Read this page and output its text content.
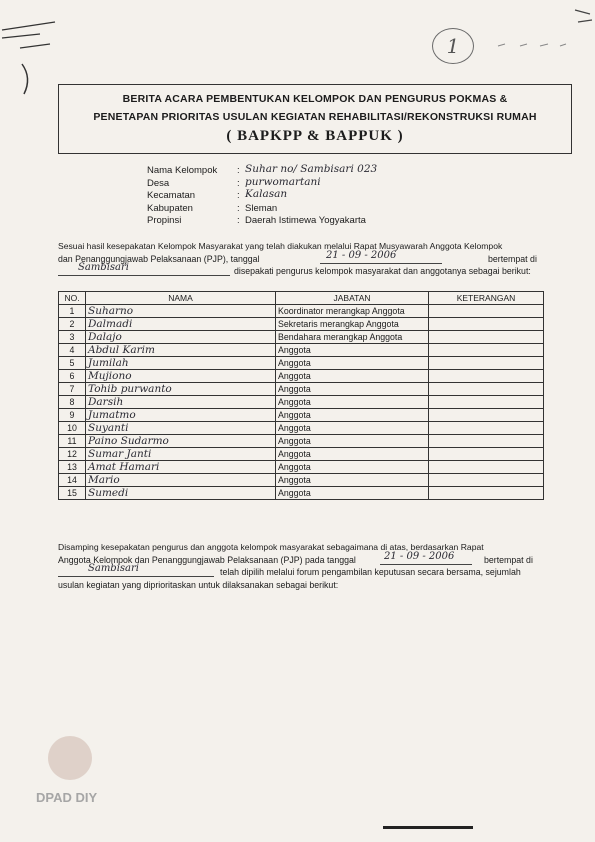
1
BERITA ACARA PEMBENTUKAN KELOMPOK DAN PENGURUS POKMAS &
PENETAPAN PRIORITAS USULAN KEGIATAN REHABILITASI/REKONSTRUKSI RUMAH
( BAPKPP & BAPPUK )
Nama Kelompok	: Suhar no/ Sambisari 023
Desa	: purwomartani
Kecamatan	: Kalasan
Kabupaten	: Sleman
Propinsi	: Daerah Istimewa Yogyakarta
Sesuai hasil kesepakatan Kelompok Masyarakat yang telah diakukan melalui Rapat Musyawarah Anggota Kelompok
dan Penanggungjawab Pelaksanaan (PJP), tanggal	21 - 09 - 2006	bertempat di
Sambisari	disepakati pengurus kelompok masyarakat dan anggotanya sebagai berikut:
NO.	NAMA	JABATAN	KETERANGAN
1	Suharno	Koordinator merangkap Anggota	
2	Dalmadi	Sekretaris merangkap Anggota	
3	Dalajo	Bendahara merangkap Anggota	
4	Abdul Karim	Anggota	
5	Jumilah	Anggota	
6	Mujiono	Anggota	
7	Tohib purwanto	Anggota	
8	Darsih	Anggota	
9	Jumatmo	Anggota	
10	Suyanti	Anggota	
11	Paino Sudarmo	Anggota	
12	Sumar Janti	Anggota	
13	Amat Hamari	Anggota	
14	Mario	Anggota	
15	Sumedi	Anggota	
Disamping kesepakatan pengurus dan anggota kelompok masyarakat sebagaimana di atas, berdasarkan Rapat
Anggota Kelompok dan Penanggungjawab Pelaksanaan (PJP) pada tanggal	21 - 09 - 2006	bertempat di
Sambisari	telah dipilih melalui forum pengambilan keputusan secara bersama, sejumlah
usulan kegiatan yang diprioritaskan untuk dilaksanakan sebagai berikut:
DPAD DIY
